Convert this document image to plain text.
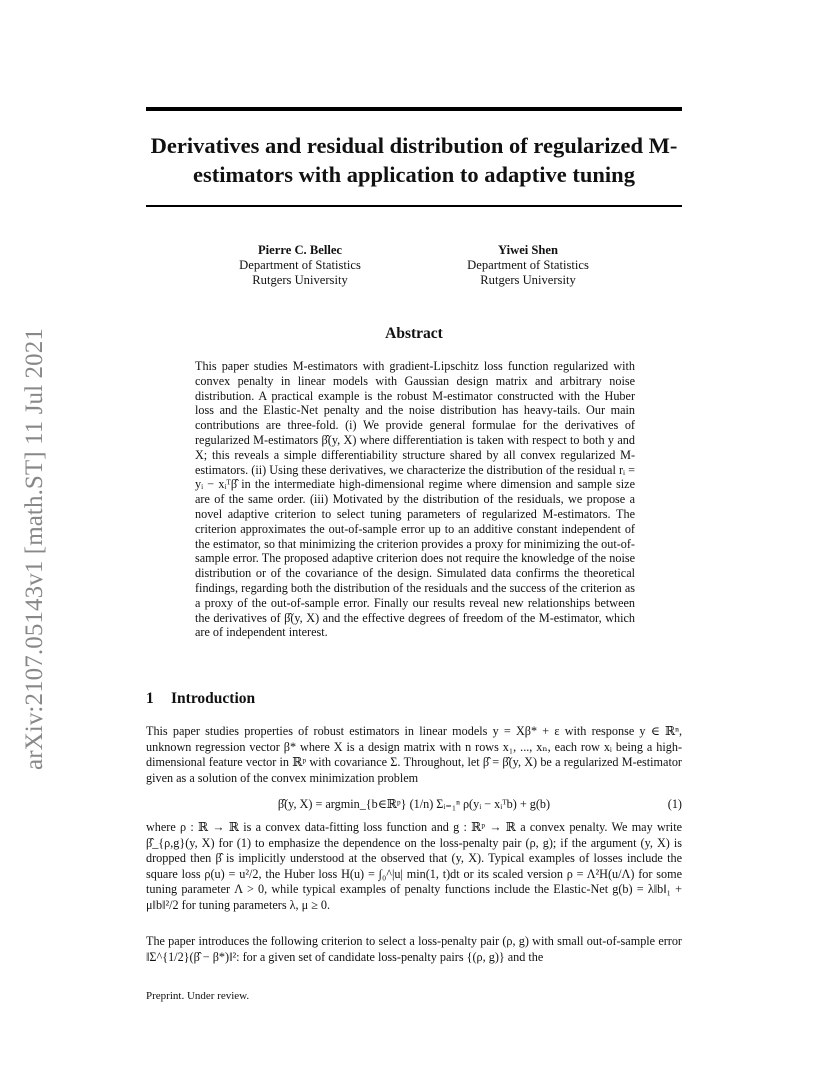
Derivatives and residual distribution of regularized M-estimators with application to adaptive tuning
arXiv:2107.05143v1 [math.ST] 11 Jul 2021
Pierre C. Bellec
Department of Statistics
Rutgers University
Yiwei Shen
Department of Statistics
Rutgers University
Abstract

This paper studies M-estimators with gradient-Lipschitz loss function regularized with convex penalty in linear models with Gaussian design matrix and arbitrary noise distribution. A practical example is the robust M-estimator constructed with the Huber loss and the Elastic-Net penalty and the noise distribution has heavy-tails. Our main contributions are three-fold. (i) We provide general formulae for the derivatives of regularized M-estimators β̂(y, X) where differentiation is taken with respect to both y and X; this reveals a simple differentiability structure shared by all convex regularized M-estimators. (ii) Using these derivatives, we characterize the distribution of the residual rᵢ = yᵢ − xᵢᵀβ̂ in the intermediate high-dimensional regime where dimension and sample size are of the same order. (iii) Motivated by the distribution of the residuals, we propose a novel adaptive criterion to select tuning parameters of regularized M-estimators. The criterion approximates the out-of-sample error up to an additive constant independent of the estimator, so that minimizing the criterion provides a proxy for minimizing the out-of-sample error. The proposed adaptive criterion does not require the knowledge of the noise distribution or of the covariance of the design. Simulated data confirms the theoretical findings, regarding both the distribution of the residuals and the success of the criterion as a proxy of the out-of-sample error. Finally our results reveal new relationships between the derivatives of β̂(y, X) and the effective degrees of freedom of the M-estimator, which are of independent interest.

1 Introduction

This paper studies properties of robust estimators in linear models y = Xβ* + ε with response y ∈ ℝⁿ, unknown regression vector β* where X is a design matrix with n rows x₁, ..., xₙ, each row xᵢ being a high-dimensional feature vector in ℝᵖ with covariance Σ. Throughout, let β̂ = β̂(y, X) be a regularized M-estimator given as a solution of the convex minimization problem

β̂(y, X) = argmin_{b∈ℝᵖ} (1/n) Σᵢ₌₁ⁿ ρ(yᵢ − xᵢᵀb) + g(b)	(1)

where ρ : ℝ → ℝ is a convex data-fitting loss function and g : ℝᵖ → ℝ a convex penalty. We may write β̂_{ρ,g}(y, X) for (1) to emphasize the dependence on the loss-penalty pair (ρ, g); if the argument (y, X) is dropped then β̂ is implicitly understood at the observed that (y, X). Typical examples of losses include the square loss ρ(u) = u²/2, the Huber loss H(u) = ∫₀^|u| min(1, t)dt or its scaled version ρ = Λ²H(u/Λ) for some tuning parameter Λ > 0, while typical examples of penalty functions include the Elastic-Net g(b) = λ‖b‖₁ + μ‖b‖²/2 for tuning parameters λ, μ ≥ 0.

The paper introduces the following criterion to select a loss-penalty pair (ρ, g) with small out-of-sample error ‖Σ^{1/2}(β̂ − β*)‖²: for a given set of candidate loss-penalty pairs {(ρ, g)} and the

Preprint. Under review.
